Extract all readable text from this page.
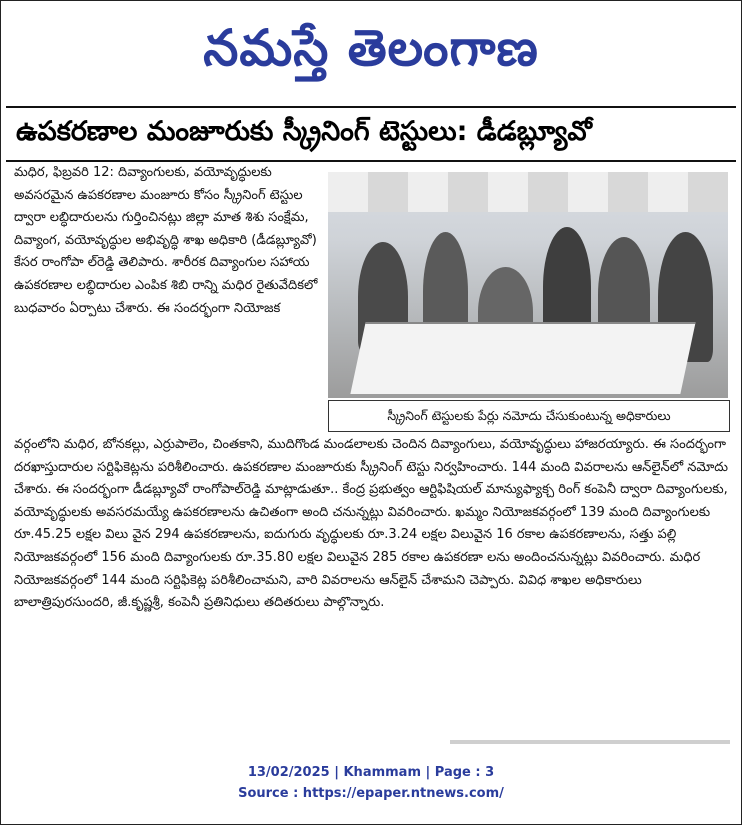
నమస్తే తెలంగాణ
ఉపకరణాల మంజూరుకు స్క్రీనింగ్ టెస్టులు: డీడబ్ల్యూవో
మధిర, ఫిబ్రవరి 12: దివ్యాంగులకు, వయోవృద్ధులకు అవసరమైన ఉపకరణాల మంజూరు కోసం స్క్రీనింగ్ టెస్టుల ద్వారా లబ్ధిదారులను గుర్తించినట్లు జిల్లా మాత శిశు సంక్షేమ, దివ్యాంగ, వయోవృద్ధుల అభివృద్ధి శాఖ అధికారి (డీడబ్ల్యూవో) కేసర రాంగోపా ల్‌రెడ్డి తెలిపారు. శారీరక దివ్యాంగుల సహాయ ఉపకరణాల లబ్ధిదారుల ఎంపిక శిబి రాన్ని మధిర రైతువేదికలో బుధవారం ఏర్పాటు చేశారు. ఈ సందర్భంగా నియోజక
స్క్రీనింగ్ టెస్టులకు పేర్లు నమోదు చేసుకుంటున్న అధికారులు
వర్గంలోని మధిర, బోనకల్లు, ఎర్రుపాలెం, చింతకాని, ముదిగొండ మండలాలకు చెందిన దివ్యాంగులు, వయోవృద్ధులు హాజరయ్యారు. ఈ సందర్భంగా దరఖాస్తుదారుల సర్టిఫికెట్లను పరిశీలించారు. ఉపకరణాల మంజూరుకు స్క్రీనింగ్ టెస్టు నిర్వహించారు. 144 మంది వివరాలను ఆన్‌లైన్‌లో నమోదు చేశారు. ఈ సందర్భంగా డీడబ్ల్యూవో రాంగోపాల్‌రెడ్డి మాట్లాడుతూ.. కేంద్ర ప్రభుత్వం ఆర్టిఫిషియల్ మాన్యుఫ్యాక్చ రింగ్ కంపెనీ ద్వారా దివ్యాంగులకు, వయోవృద్ధులకు అవసరమయ్యే ఉపకరణాలను ఉచితంగా అంది చనున్నట్లు వివరించారు. ఖమ్మం నియోజకవర్గంలో 139 మంది దివ్యాంగులకు రూ.45.25 లక్షల విలు వైన 294 ఉపకరణాలను, ఐదుగురు వృద్ధులకు రూ.3.24 లక్షల విలువైన 16 రకాల ఉపకరణాలను, సత్తు పల్లి నియోజకవర్గంలో 156 మంది దివ్యాంగులకు రూ.35.80 లక్షల విలువైన 285 రకాల ఉపకరణా లను అందించనున్నట్లు వివరించారు. మధిర నియోజకవర్గంలో 144 మంది సర్టిఫికెట్ల పరిశీలించామని, వారి వివరాలను ఆన్‌లైన్ చేశామని చెప్పారు. వివిధ శాఖల అధికారులు బాలాత్రిపురసుందరి, జీ.కృష్ణశ్రీ, కంపెనీ ప్రతినిధులు తదితరులు పాల్గొన్నారు.
13/02/2025 | Khammam | Page : 3
Source : https://epaper.ntnews.com/
